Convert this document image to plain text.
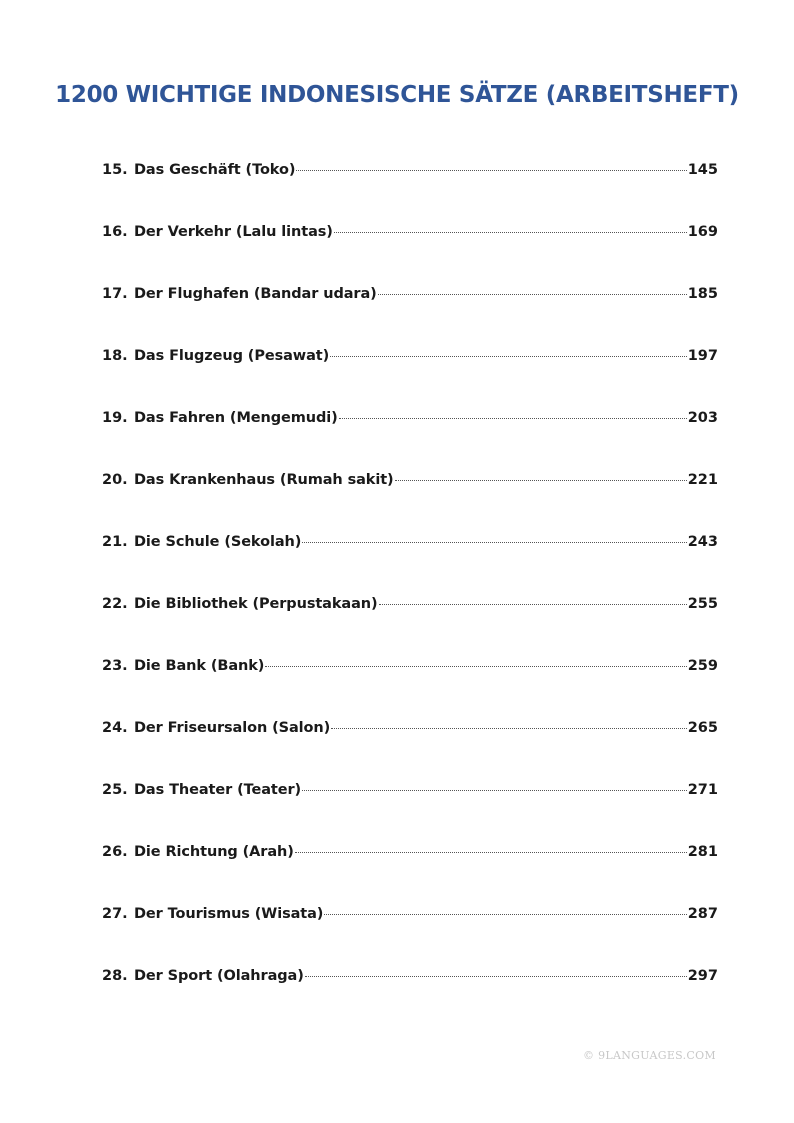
1200 WICHTIGE INDONESISCHE SÄTZE (ARBEITSHEFT)
15. Das Geschäft (Toko)	145
16. Der Verkehr (Lalu lintas)	169
17. Der Flughafen (Bandar udara)	185
18. Das Flugzeug (Pesawat)	197
19. Das Fahren (Mengemudi)	203
20. Das Krankenhaus (Rumah sakit)	221
21. Die Schule (Sekolah)	243
22. Die Bibliothek (Perpustakaan)	255
23. Die Bank (Bank)	259
24. Der Friseursalon (Salon)	265
25. Das Theater (Teater)	271
26. Die Richtung (Arah)	281
27. Der Tourismus (Wisata)	287
28. Der Sport (Olahraga)	297
© 9LANGUAGES.COM
